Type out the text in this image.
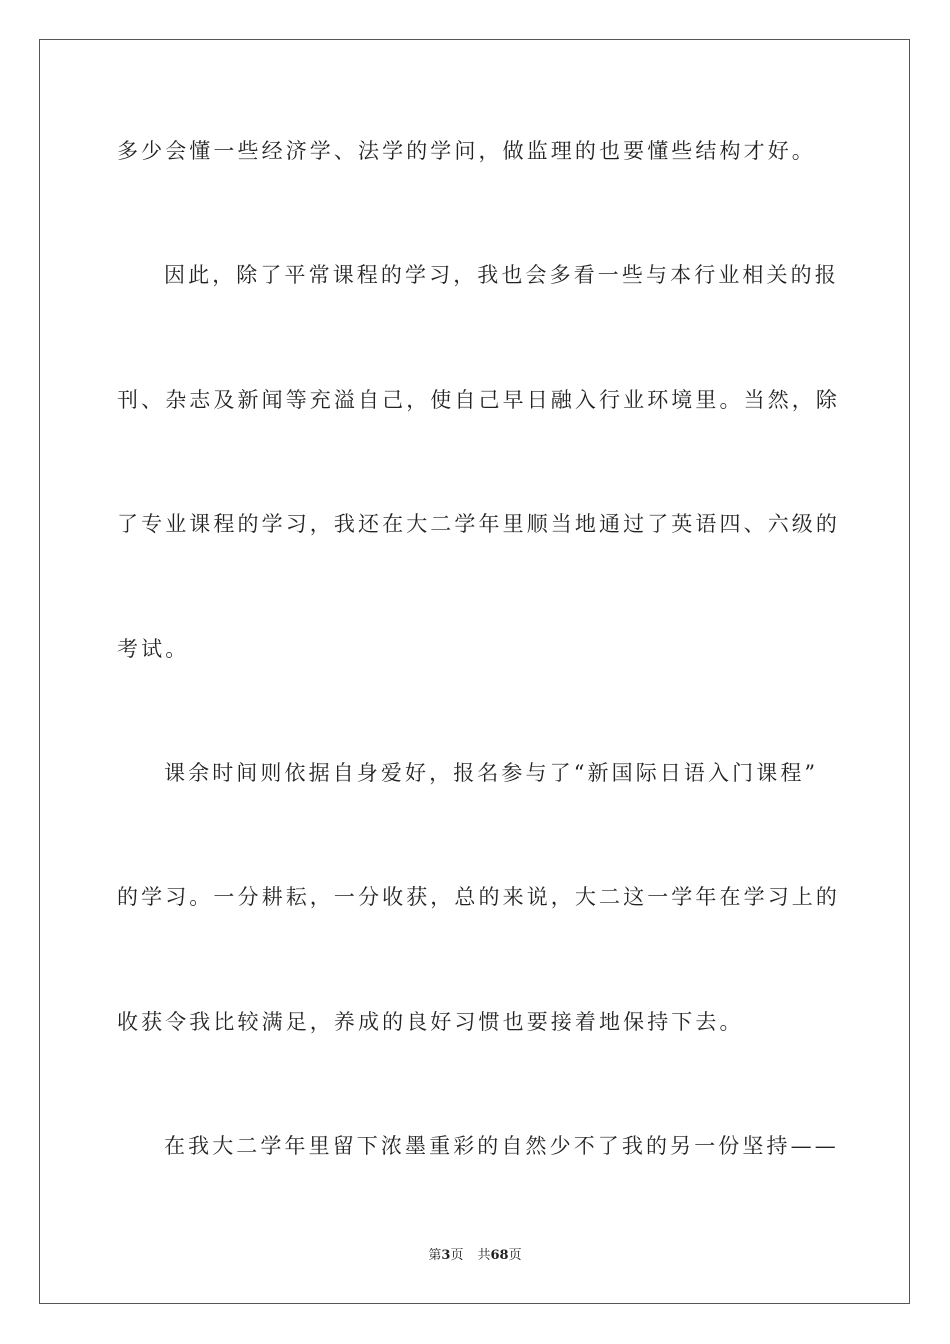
多少会懂一些经济学、法学的学问，做监理的也要懂些结构才好。
因此，除了平常课程的学习，我也会多看一些与本行业相关的报
刊、杂志及新闻等充溢自己，使自己早日融入行业环境里。当然，除
了专业课程的学习，我还在大二学年里顺当地通过了英语四、六级的
考试。
课余时间则依据自身爱好，报名参与了“新国际日语入门课程”
的学习。一分耕耘，一分收获，总的来说，大二这一学年在学习上的
收获令我比较满足，养成的良好习惯也要接着地保持下去。
在我大二学年里留下浓墨重彩的自然少不了我的另一份坚持——
第3页 共68页
